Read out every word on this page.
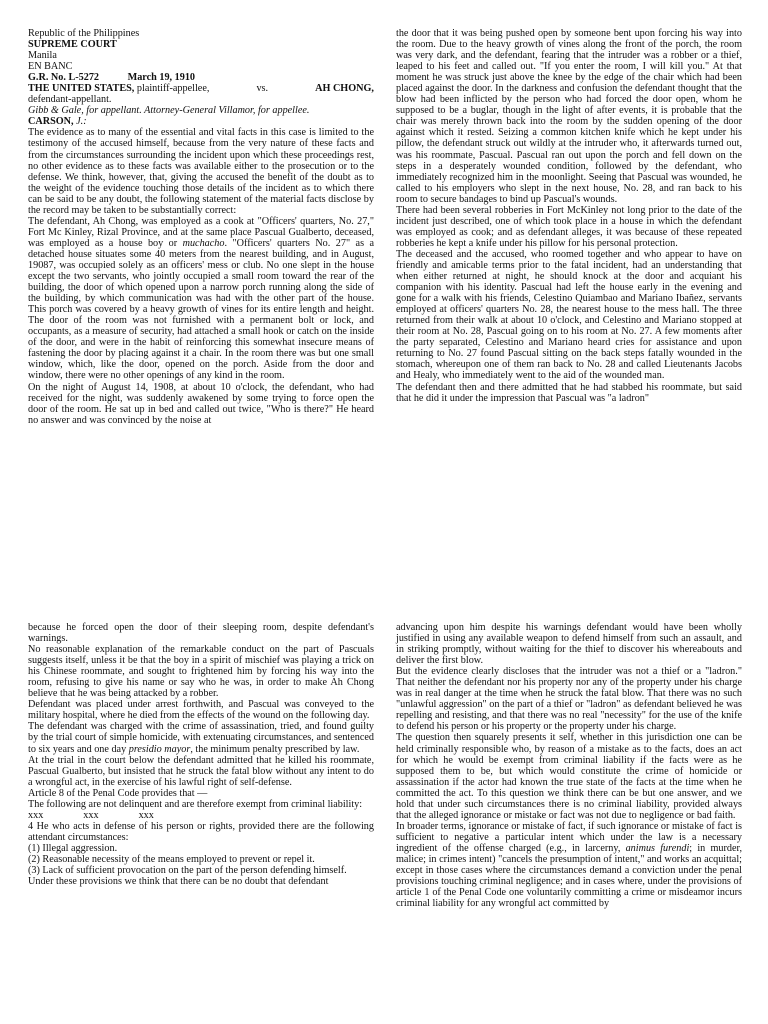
Republic of the Philippines
SUPREME COURT
Manila
EN BANC
G.R. No. L-5272	March 19, 1910
THE UNITED STATES, plaintiff-appellee,	vs.	AH CHONG,
defendant-appellant.
Gibb & Gale, for appellant. Attorney-General Villamor, for appellee.
CARSON, J.:

The evidence as to many of the essential and vital facts in this case is limited to the testimony of the accused himself, because from the very nature of these facts and from the circumstances surrounding the incident upon which these proceedings rest, no other evidence as to these facts was available either to the prosecution or to the defense. We think, however, that, giving the accused the benefit of the doubt as to the weight of the evidence touching those details of the incident as to which there can be said to be any doubt, the following statement of the material facts disclose by the record may be taken to be substantially correct:

The defendant, Ah Chong, was employed as a cook at "Officers' quarters, No. 27," Fort Mc Kinley, Rizal Province, and at the same place Pascual Gualberto, deceased, was employed as a house boy or muchacho. "Officers' quarters No. 27" as a detached house situates some 40 meters from the nearest building, and in August, 19087, was occupied solely as an officers' mess or club. No one slept in the house except the two servants, who jointly occupied a small room toward the rear of the building, the door of which opened upon a narrow porch running along the side of the building, by which communication was had with the other part of the house. This porch was covered by a heavy growth of vines for its entire length and height. The door of the room was not furnished with a permanent bolt or lock, and occupants, as a measure of security, had attached a small hook or catch on the inside of the door, and were in the habit of reinforcing this somewhat insecure means of fastening the door by placing against it a chair. In the room there was but one small window, which, like the door, opened on the porch. Aside from the door and window, there were no other openings of any kind in the room.

On the night of August 14, 1908, at about 10 o'clock, the defendant, who had received for the night, was suddenly awakened by some trying to force open the door of the room. He sat up in bed and called out twice, "Who is there?" He heard no answer and was convinced by the noise at

the door that it was being pushed open by someone bent upon forcing his way into the room. Due to the heavy growth of vines along the front of the porch, the room was very dark, and the defendant, fearing that the intruder was a robber or a thief, leaped to his feet and called out. "If you enter the room, I will kill you." At that moment he was struck just above the knee by the edge of the chair which had been placed against the door. In the darkness and confusion the defendant thought that the blow had been inflicted by the person who had forced the door open, whom he supposed to be a buglar, though in the light of after events, it is probable that the chair was merely thrown back into the room by the sudden opening of the door against which it rested. Seizing a common kitchen knife which he kept under his pillow, the defendant struck out wildly at the intruder who, it afterwards turned out, was his roommate, Pascual. Pascual ran out upon the porch and fell down on the steps in a desperately wounded condition, followed by the defendant, who immediately recognized him in the moonlight. Seeing that Pascual was wounded, he called to his employers who slept in the next house, No. 28, and ran back to his room to secure bandages to bind up Pascual's wounds.

There had been several robberies in Fort McKinley not long prior to the date of the incident just described, one of which took place in a house in which the defendant was employed as cook; and as defendant alleges, it was because of these repeated robberies he kept a knife under his pillow for his personal protection.

The deceased and the accused, who roomed together and who appear to have on friendly and amicable terms prior to the fatal incident, had an understanding that when either returned at night, he should knock at the door and acquiant his companion with his identity. Pascual had left the house early in the evening and gone for a walk with his friends, Celestino Quiambao and Mariano Ibañez, servants employed at officers' quarters No. 28, the nearest house to the mess hall. The three returned from their walk at about 10 o'clock, and Celestino and Mariano stopped at their room at No. 28, Pascual going on to his room at No. 27. A few moments after the party separated, Celestino and Mariano heard cries for assistance and upon returning to No. 27 found Pascual sitting on the back steps fatally wounded in the stomach, whereupon one of them ran back to No. 28 and called Lieutenants Jacobs and Healy, who immediately went to the aid of the wounded man.

The defendant then and there admitted that he had stabbed his roommate, but said that he did it under the impression that Pascual was "a ladron"

because he forced open the door of their sleeping room, despite defendant's warnings.

No reasonable explanation of the remarkable conduct on the part of Pascuals suggests itself, unless it be that the boy in a spirit of mischief was playing a trick on his Chinese roommate, and sought to frightened him by forcing his way into the room, refusing to give his name or say who he was, in order to make Ah Chong believe that he was being attacked by a robber.

Defendant was placed under arrest forthwith, and Pascual was conveyed to the military hospital, where he died from the effects of the wound on the following day.

The defendant was charged with the crime of assassination, tried, and found guilty by the trial court of simple homicide, with extenuating circumstances, and sentenced to six years and one day presidio mayor, the minimum penalty prescribed by law.

At the trial in the court below the defendant admitted that he killed his roommate, Pascual Gualberto, but insisted that he struck the fatal blow without any intent to do a wrongful act, in the exercise of his lawful right of self-defense.

Article 8 of the Penal Code provides that —

The following are not delinquent and are therefore exempt from criminal liability:

xxx	xxx	xxx

4 He who acts in defense of his person or rights, provided there are the following attendant circumstances:

(1) Illegal aggression.
(2) Reasonable necessity of the means employed to prevent or repel it.
(3) Lack of sufficient provocation on the part of the person defending himself.

Under these provisions we think that there can be no doubt that defendant

advancing upon him despite his warnings defendant would have been wholly justified in using any available weapon to defend himself from such an assault, and in striking promptly, without waiting for the thief to discover his whereabouts and deliver the first blow.

But the evidence clearly discloses that the intruder was not a thief or a "ladron." That neither the defendant nor his property nor any of the property under his charge was in real danger at the time when he struck the fatal blow. That there was no such "unlawful aggression" on the part of a thief or "ladron" as defendant believed he was repelling and resisting, and that there was no real "necessity" for the use of the knife to defend his person or his property or the property under his charge.

The question then squarely presents it self, whether in this jurisdiction one can be held criminally responsible who, by reason of a mistake as to the facts, does an act for which he would be exempt from criminal liability if the facts were as he supposed them to be, but which would constitute the crime of homicide or assassination if the actor had known the true state of the facts at the time when he committed the act. To this question we think there can be but one answer, and we hold that under such circumstances there is no criminal liability, provided always that the alleged ignorance or mistake or fact was not due to negligence or bad faith.

In broader terms, ignorance or mistake of fact, if such ignorance or mistake of fact is sufficient to negative a particular intent which under the law is a necessary ingredient of the offense charged (e.g., in larcerny, animus furendi; in murder, malice; in crimes intent) "cancels the presumption of intent," and works an acquittal; except in those cases where the circumstances demand a conviction under the penal provisions touching criminal negligence; and in cases where, under the provisions of article 1 of the Penal Code one voluntarily committing a crime or misdeamor incurs criminal liability for any wrongful act committed by
